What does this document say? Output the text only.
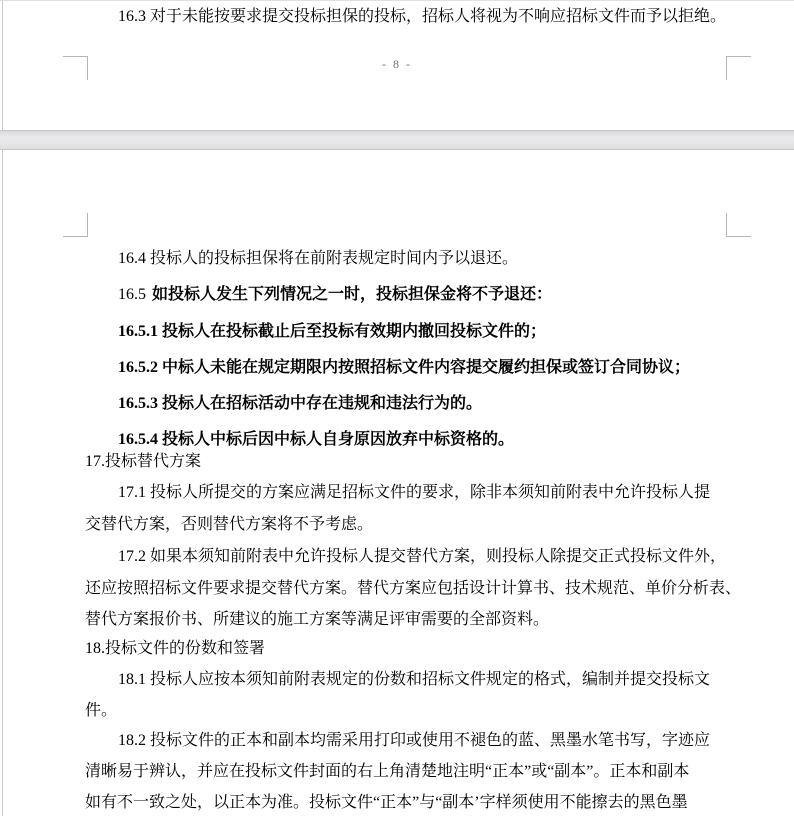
16.3 对于未能按要求提交投标担保的投标，招标人将视为不响应招标文件而予以拒绝。
- 8 -
16.4 投标人的投标担保将在前附表规定时间内予以退还。
16.5 如投标人发生下列情况之一时，投标担保金将不予退还：
16.5.1 投标人在投标截止后至投标有效期内撤回投标文件的；
16.5.2 中标人未能在规定期限内按照招标文件内容提交履约担保或签订合同协议；
16.5.3 投标人在招标活动中存在违规和违法行为的。
16.5.4 投标人中标后因中标人自身原因放弃中标资格的。
17.投标替代方案
17.1 投标人所提交的方案应满足招标文件的要求，除非本须知前附表中允许投标人提
交替代方案，否则替代方案将不予考虑。
17.2 如果本须知前附表中允许投标人提交替代方案，则投标人除提交正式投标文件外，
还应按照招标文件要求提交替代方案。替代方案应包括设计计算书、技术规范、单价分析表、
替代方案报价书、所建议的施工方案等满足评审需要的全部资料。
18.投标文件的份数和签署
18.1 投标人应按本须知前附表规定的份数和招标文件规定的格式，编制并提交投标文
件。
18.2 投标文件的正本和副本均需采用打印或使用不褪色的蓝、黑墨水笔书写，字迹应
清晰易于辨认，并应在投标文件封面的右上角清楚地注明“正本”或“副本”。正本和副本
如有不一致之处，以正本为准。投标文件“正本”与“副本’字样须使用不能擦去的黑色墨
